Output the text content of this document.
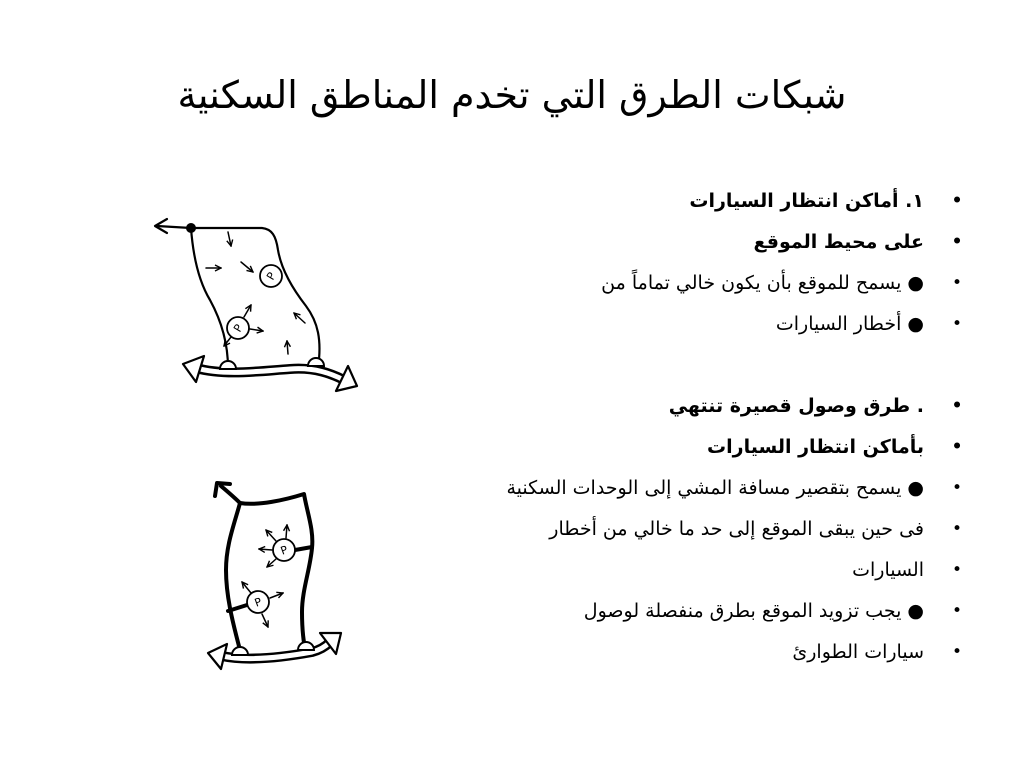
شبكات الطرق التي تخدم المناطق السكنية
P
P
P
P
•
١. أماكن انتظار السيارات
•
على محيط الموقع
•
● يسمح للموقع بأن يكون خالي تماماً من
•
● أخطار السيارات
•
. طرق وصول قصيرة تنتهي
•
بأماكن انتظار السيارات
•
● يسمح بتقصير مسافة المشي إلى الوحدات السكنية
•
فى حين يبقى الموقع إلى حد ما خالي من أخطار
•
السيارات
•
● يجب تزويد الموقع بطرق منفصلة لوصول
•
سيارات الطوارئ
